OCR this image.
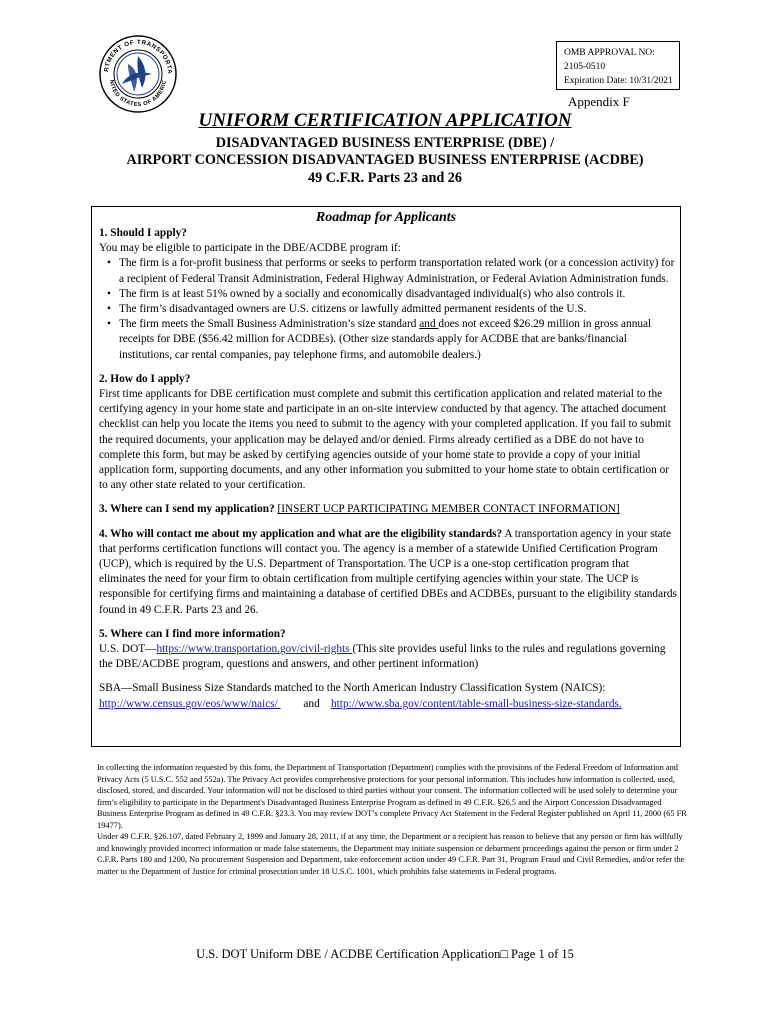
RTMENT OF TRANSPORTA
NITED STATES OF AMERIC
OMB APPROVAL NO:
2105-0510
Expiration Date: 10/31/2021
Appendix F
UNIFORM CERTIFICATION APPLICATION
DISADVANTAGED BUSINESS ENTERPRISE (DBE) /
AIRPORT CONCESSION DISADVANTAGED BUSINESS ENTERPRISE (ACDBE)
49 C.F.R. Parts 23 and 26
Roadmap for Applicants

1. Should I apply?

You may be eligible to participate in the DBE/ACDBE program if:

• The firm is a for-profit business that performs or seeks to perform transportation related work (or a concession activity) for a recipient of Federal Transit Administration, Federal Highway Administration, or Federal Aviation Administration funds.
• The firm is at least 51% owned by a socially and economically disadvantaged individual(s) who also controls it.
• The firm’s disadvantaged owners are U.S. citizens or lawfully admitted permanent residents of the U.S.
• The firm meets the Small Business Administration’s size standard and does not exceed $26.29 million in gross annual receipts for DBE ($56.42 million for ACDBEs). (Other size standards apply for ACDBE that are banks/financial institutions, car rental companies, pay telephone firms, and automobile dealers.)

2. How do I apply?

First time applicants for DBE certification must complete and submit this certification application and related material to the certifying agency in your home state and participate in an on-site interview conducted by that agency. The attached document checklist can help you locate the items you need to submit to the agency with your completed application. If you fail to submit the required documents, your application may be delayed and/or denied. Firms already certified as a DBE do not have to complete this form, but may be asked by certifying agencies outside of your home state to provide a copy of your initial application form, supporting documents, and any other information you submitted to your home state to obtain certification or to any other state related to your certification.

3. Where can I send my application? [INSERT UCP PARTICIPATING MEMBER CONTACT INFORMATION]

4. Who will contact me about my application and what are the eligibility standards? A transportation agency in your state that performs certification functions will contact you. The agency is a member of a statewide Unified Certification Program (UCP), which is required by the U.S. Department of Transportation. The UCP is a one-stop certification program that eliminates the need for your firm to obtain certification from multiple certifying agencies within your state. The UCP is responsible for certifying firms and maintaining a database of certified DBEs and ACDBEs, pursuant to the eligibility standards found in 49 C.F.R. Parts 23 and 26.

5. Where can I find more information?

U.S. DOT—https://www.transportation.gov/civil-rights (This site provides useful links to the rules and regulations governing the DBE/ACDBE program, questions and answers, and other pertinent information)

SBA—Small Business Size Standards matched to the North American Industry Classification System (NAICS):

http://www.census.gov/eos/www/naics/  and http://www.sba.gov/content/table-small-business-size-standards.

In collecting the information requested by this form, the Department of Transportation (Department) complies with the provisions of the Federal Freedom of Information and Privacy Acts (5 U.S.C. 552 and 552a). The Privacy Act provides comprehensive protections for your personal information. This includes how information is collected, used, disclosed, stored, and discarded. Your information will not be disclosed to third parties without your consent. The information collected will be used solely to determine your firm’s eligibility to participate in the Department's Disadvantaged Business Enterprise Program as defined in 49 C.F.R. §26.5 and the Airport Concession Disadvantaged Business Enterprise Program as defined in 49 C.F.R. §23.3. You may review DOT’s complete Privacy Act Statement in the Federal Register published on April 11, 2000 (65 FR 19477).

Under 49 C.F.R. §26.107, dated February 2, 1999 and January 28, 2011, if at any time, the Department or a recipient has reason to believe that any person or firm has willfully and knowingly provided incorrect information or made false statements, the Department may initiate suspension or debarment proceedings against the person or firm under 2 C.F.R. Parts 180 and 1200, No procurement Suspension and Department, take enforcement action under 49 C.F.R. Part 31, Program Fraud and Civil Remedies, and/or refer the matter to the Department of Justice for criminal prosecution under 18 U.S.C. 1001, which prohibits false statements in Federal programs.

U.S. DOT Uniform DBE / ACDBE Certification Application□ Page 1 of 15
